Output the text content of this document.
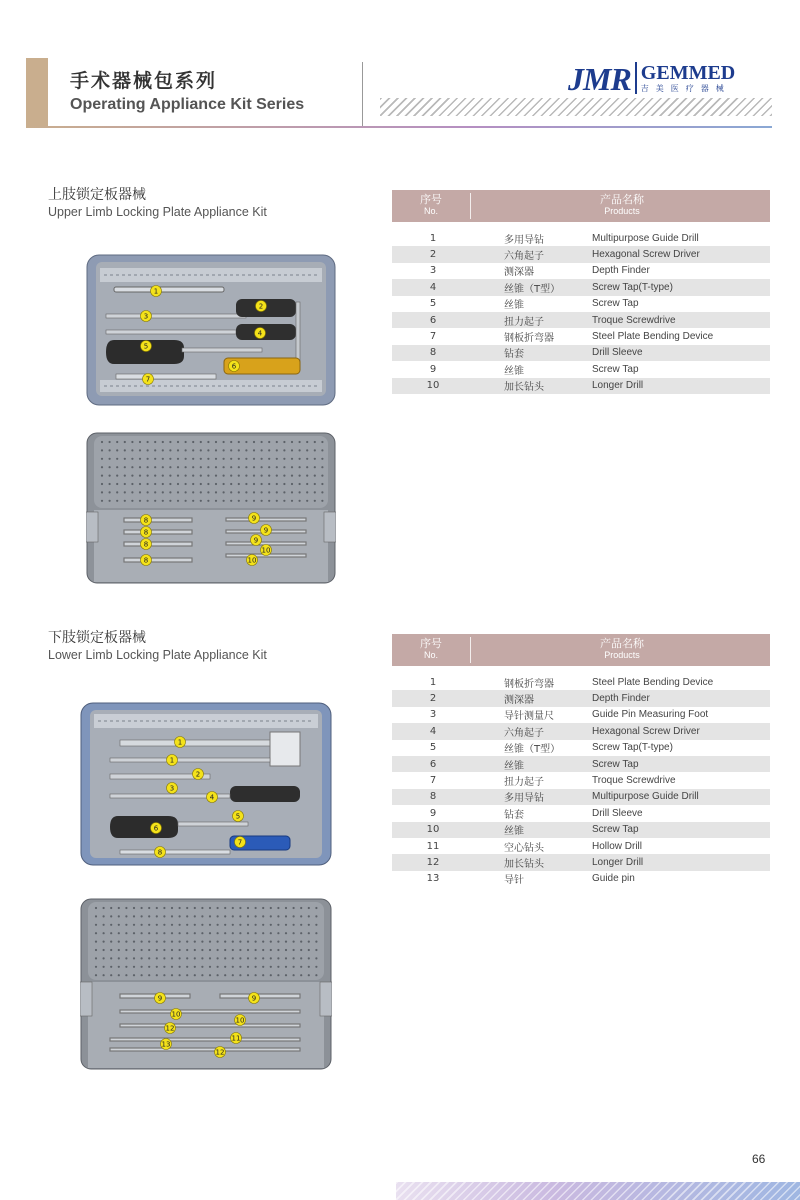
手术器械包系列
Operating Appliance Kit Series
JMR GEMMED
吉美医疗器械
上肢锁定板器械
Upper Limb Locking Plate Appliance Kit
序号
No.
产品名称
Products
1	多用导钻	Multipurpose Guide Drill
2	六角起子	Hexagonal Screw Driver
3	测深器	Depth Finder
4	丝锥（T型）	Screw Tap(T-type)
5	丝锥	Screw Tap
6	扭力起子	Troque Screwdrive
7	钢板折弯器	Steel Plate Bending Device
8	钻套	Drill Sleeve
9	丝锥	Screw Tap
10	加长钻头	Longer Drill
下肢锁定板器械
Lower Limb Locking Plate Appliance Kit
序号
No.
产品名称
Products
1	钢板折弯器	Steel Plate Bending Device
2	测深器	Depth Finder
3	导针测量尺	Guide Pin Measuring Foot
4	六角起子	Hexagonal Screw Driver
5	丝锥（T型）	Screw Tap(T-type)
6	丝锥	Screw Tap
7	扭力起子	Troque Screwdrive
8	多用导钻	Multipurpose Guide Drill
9	钻套	Drill Sleeve
10	丝锥	Screw Tap
11	空心钻头	Hollow Drill
12	加长钻头	Longer Drill
13	导针	Guide pin
1
2
3
4
5
6
7
8
8
8
8
9
9
9
10
10
1
1
2
3
4
5
6
7
8
9	9
10
10
12
11
13
12
66
